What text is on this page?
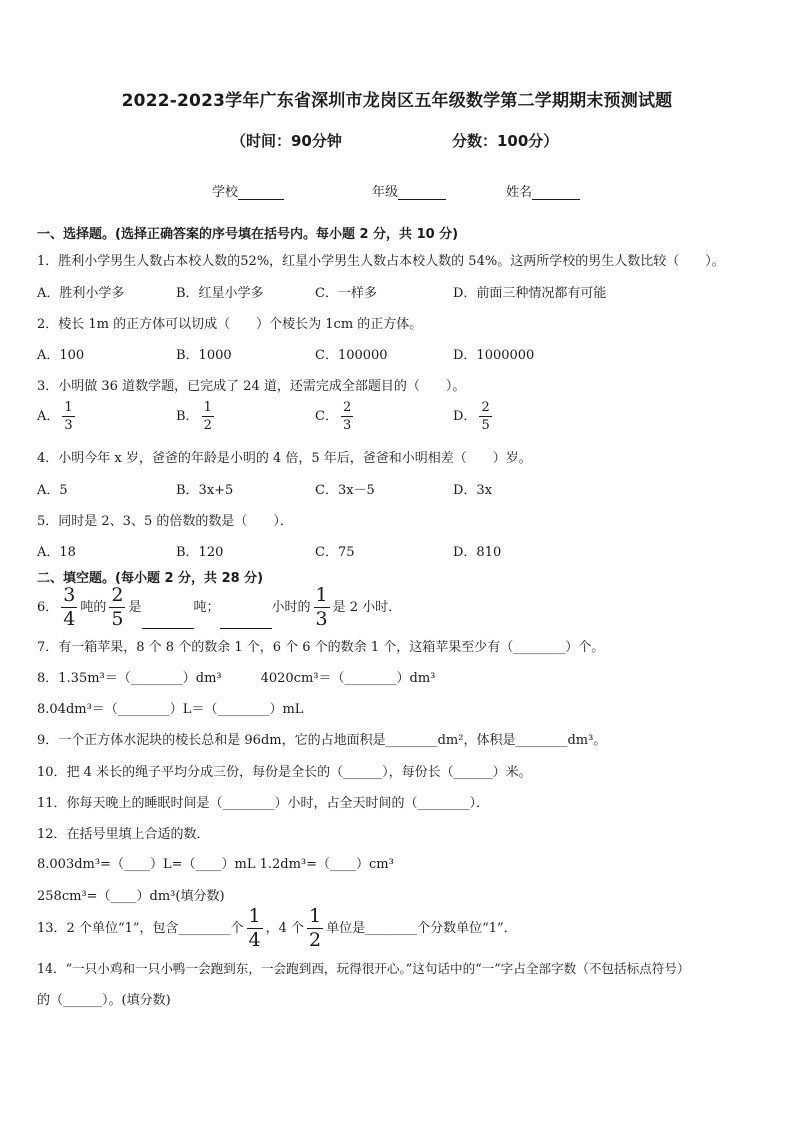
2022-2023学年广东省深圳市龙岗区五年级数学第二学期期末预测试题
（时间：90分钟	分数：100分）
学校	年级	姓名
一、选择题。(选择正确答案的序号填在括号内。每小题 2 分，共 10 分)
1．胜利小学男生人数占本校人数的52%，红星小学男生人数占本校人数的 54%。这两所学校的男生人数比较（　　）。
A．胜利小学多	B．红星小学多	C．一样多	D．前面三种情况都有可能
2．棱长 1m 的正方体可以切成（　　）个棱长为 1cm 的正方体。
A．100	B．1000	C．100000	D．1000000
3．小明做 36 道数学题，已完成了 24 道，还需完成全部题目的（　　）。
A． $\frac{1}{3}$	B． $\frac{1}{2}$	C． $\frac{2}{3}$	D． $\frac{2}{5}$
4．小明今年 x 岁，爸爸的年龄是小明的 4 倍，5 年后，爸爸和小明相差（　　）岁。
A．5	B．3x+5	C．3x－5	D．3x
5．同时是 2、3、5 的倍数的数是（　　）．
A．18	B．120	C．75	D．810
二、填空题。(每小题 2 分，共 28 分)
6． $\frac{3}{4}$ 吨的 $\frac{2}{5}$ 是	吨；	小时的 $\frac{1}{3}$ 是 2 小时．
7．有一箱苹果，8 个 8 个的数余 1 个，6 个 6 个的数余 1 个，这箱苹果至少有（________）个。
8．1.35m³＝（________）dm³　　　4020cm³＝（________）dm³
8.04dm³＝（________）L＝（________）mL
9．一个正方体水泥块的棱长总和是 96dm，它的占地面积是________dm²，体积是________dm³。
10．把 4 米长的绳子平均分成三份，每份是全长的（______），每份长（______）米。
11．你每天晚上的睡眠时间是（________）小时，占全天时间的（________）．
12．在括号里填上合适的数．
8.003dm³=（____）L=（____）mL 1.2dm³=（____）cm³
258cm³=（____）dm³(填分数)
13．2 个单位“1”，包含________个 $\frac{1}{4}$ ，4 个 $\frac{1}{2}$ 单位是________个分数单位“1”．
14．“一只小鸡和一只小鸭一会跑到东，一会跑到西，玩得很开心。”这句话中的“一”字占全部字数（不包括标点符号）
的（______）。(填分数)
